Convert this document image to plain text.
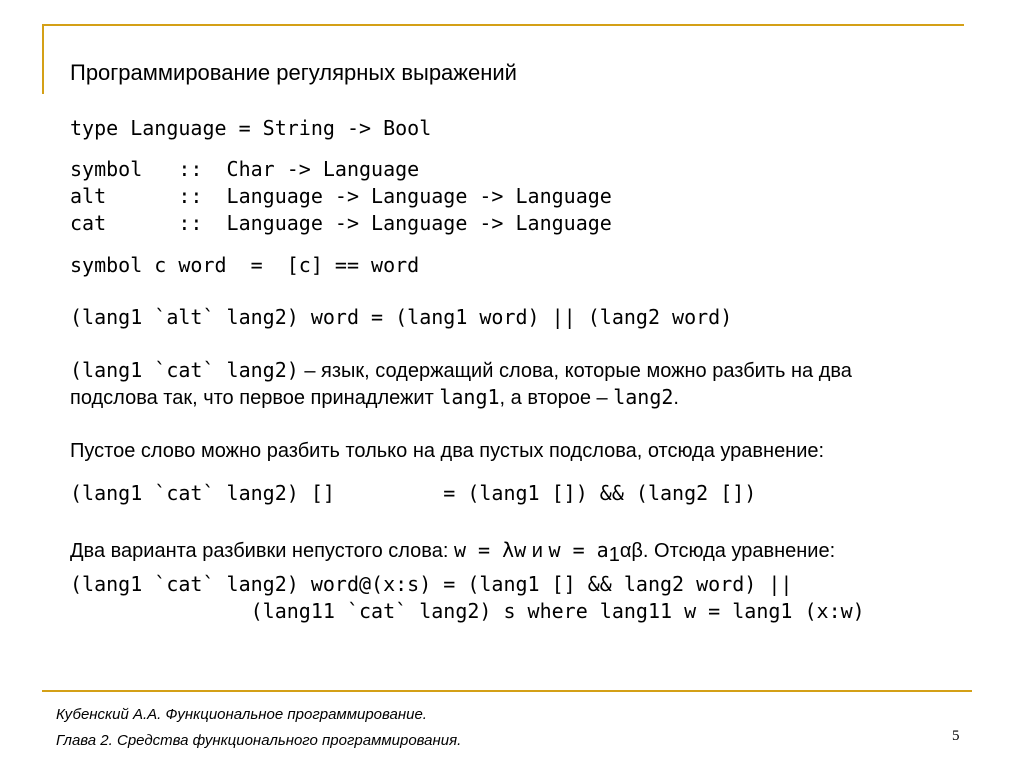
Программирование регулярных выражений
type Language = String -> Bool
symbol   ::  Char -> Language
alt      ::  Language -> Language -> Language
cat      ::  Language -> Language -> Language
symbol c word  =  [c] == word
(lang1 `alt` lang2) word = (lang1 word) || (lang2 word)
(lang1 `cat` lang2) – язык, содержащий слова, которые можно разбить на два
подслова так, что первое принадлежит lang1, а второе – lang2.
Пустое слово можно разбить только на два пустых подслова, отсюда уравнение:
(lang1 `cat` lang2) []         = (lang1 []) && (lang2 [])
Два варианта разбивки непустого слова: w = λw и $w = a_1\alpha\beta$. Отсюда уравнение:
(lang1 `cat` lang2) word@(x:s) = (lang1 [] && lang2 word) ||
(lang11 `cat` lang2) s where lang11 w = lang1 (x:w)
Кубенский А.А. Функциональное программирование.
Глава 2. Средства функционального программирования.	5
